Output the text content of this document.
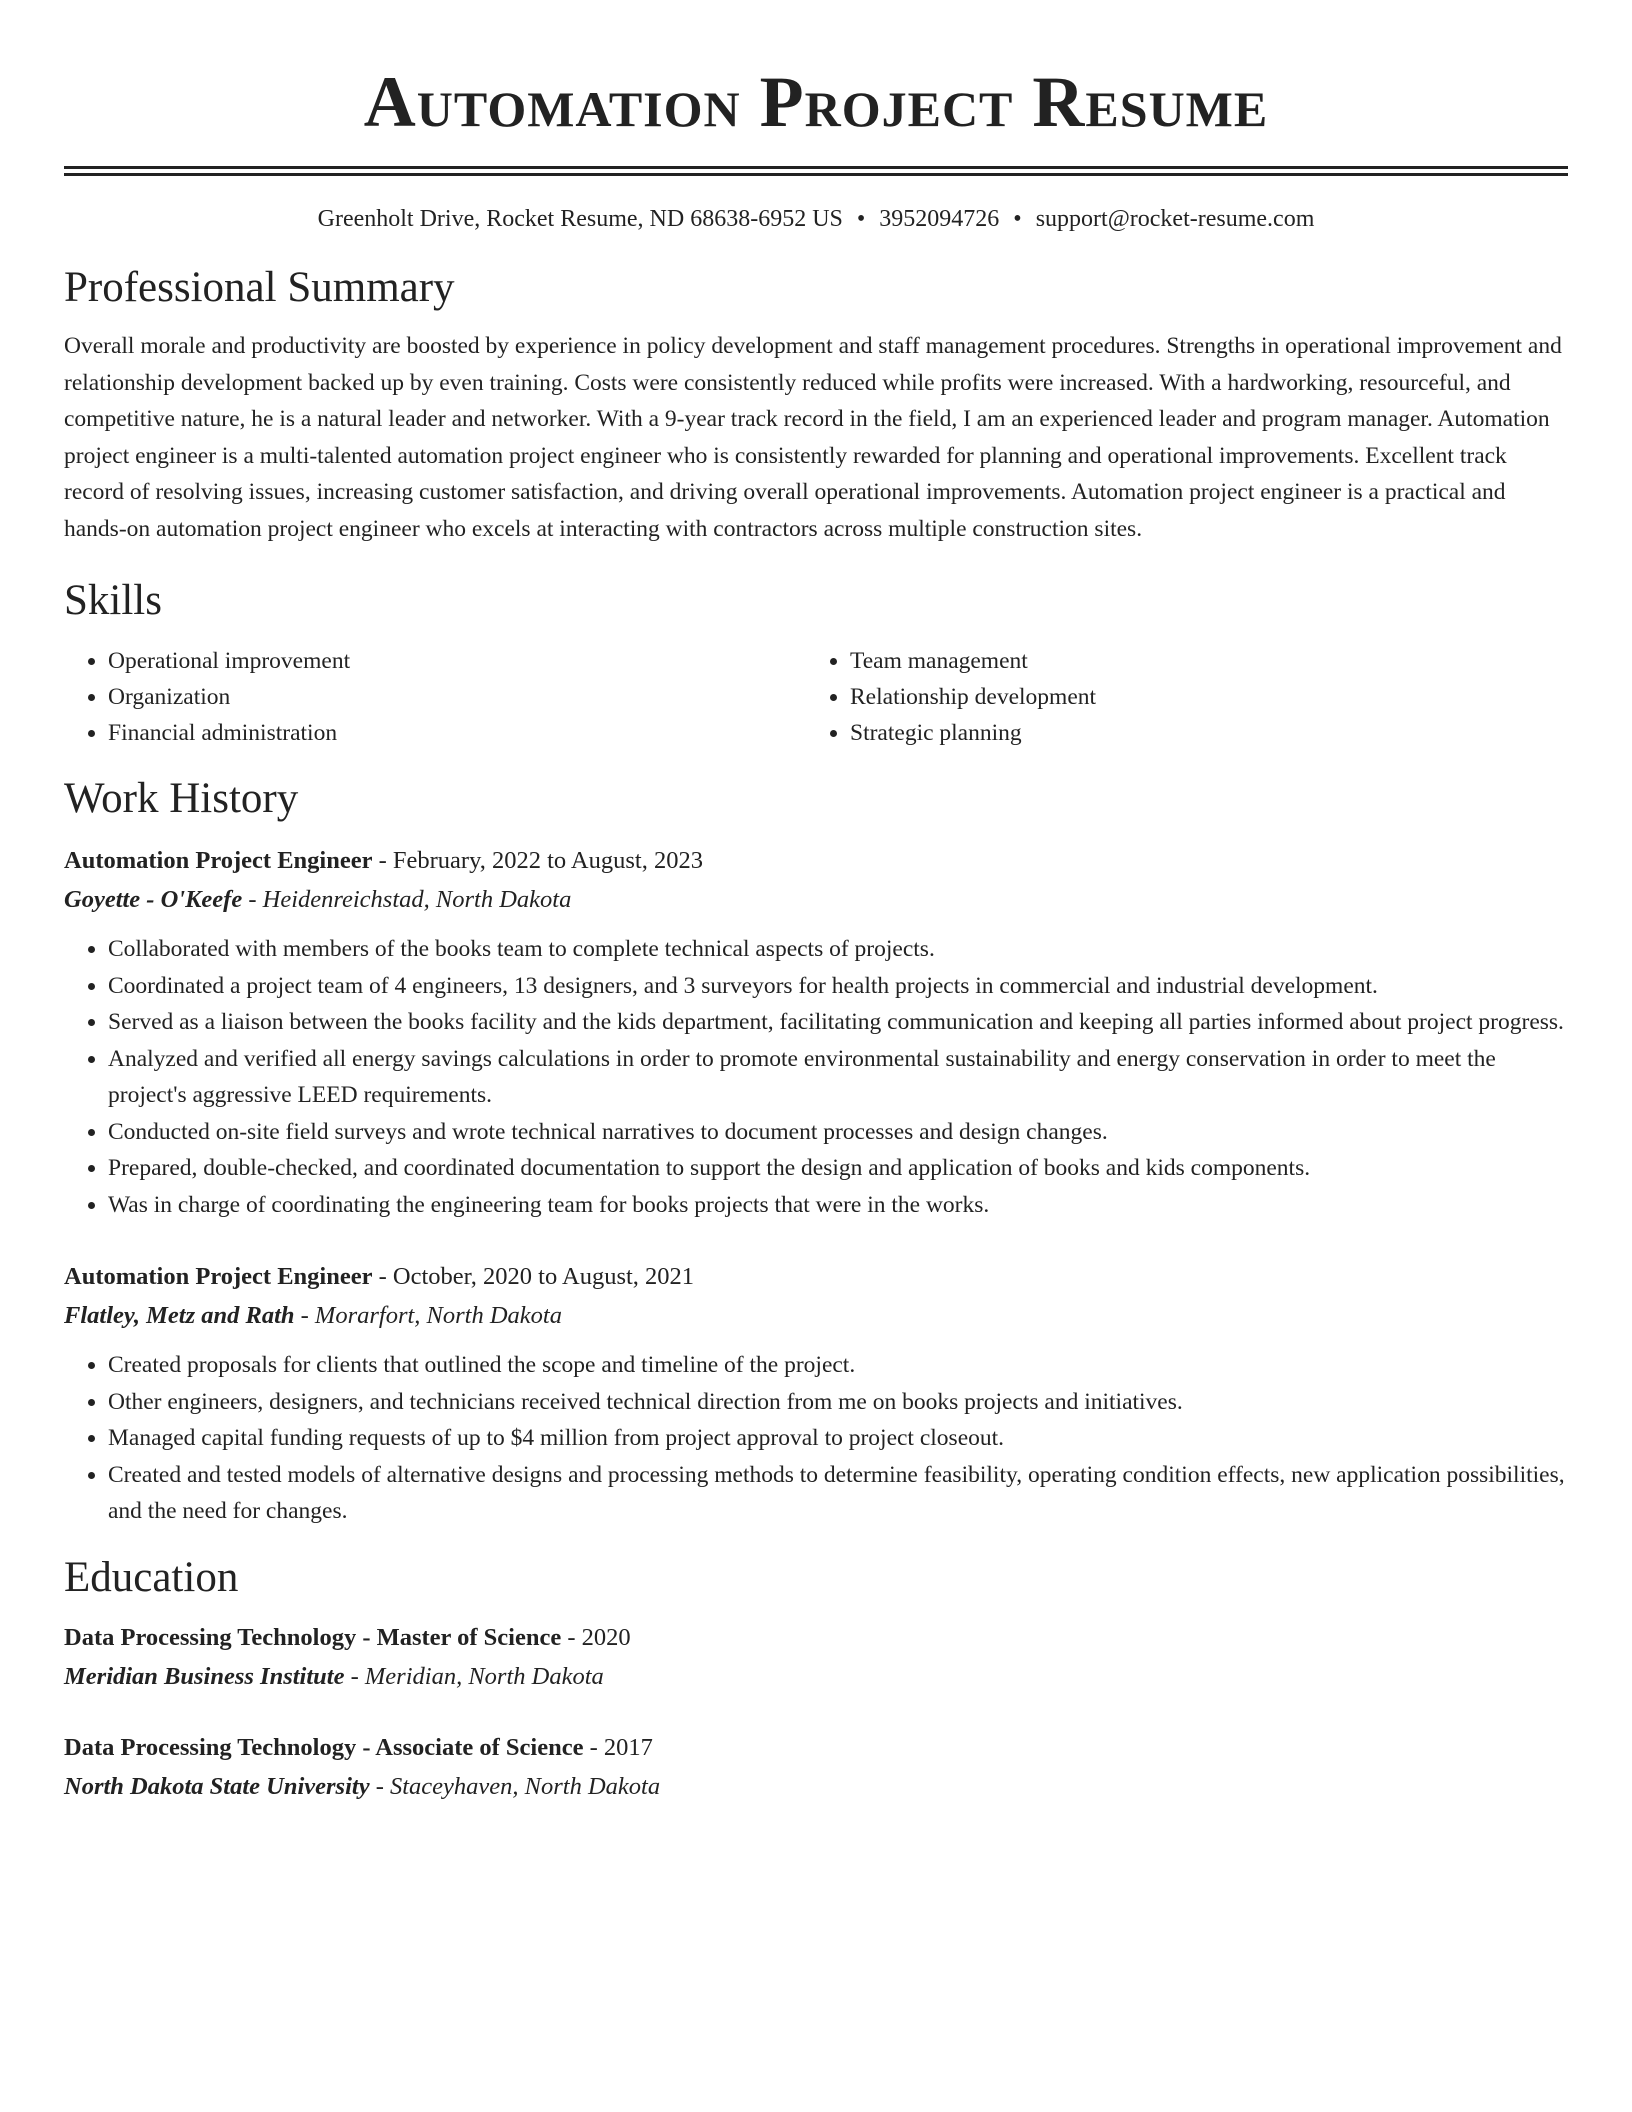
Automation Project Resume
Greenholt Drive, Rocket Resume, ND 68638-6952 US • 3952094726 • support@rocket-resume.com
Professional Summary

Overall morale and productivity are boosted by experience in policy development and staff management procedures. Strengths in operational improvement and relationship development backed up by even training. Costs were consistently reduced while profits were increased. With a hardworking, resourceful, and competitive nature, he is a natural leader and networker. With a 9-year track record in the field, I am an experienced leader and program manager. Automation project engineer is a multi-talented automation project engineer who is consistently rewarded for planning and operational improvements. Excellent track record of resolving issues, increasing customer satisfaction, and driving overall operational improvements. Automation project engineer is a practical and hands-on automation project engineer who excels at interacting with contractors across multiple construction sites.

Skills
• Operational improvement
• Organization
• Financial administration
• Team management
• Relationship development
• Strategic planning
Work History
Automation Project Engineer - February, 2022 to August, 2023
Goyette - O'Keefe - Heidenreichstad, North Dakota
• Collaborated with members of the books team to complete technical aspects of projects.
• Coordinated a project team of 4 engineers, 13 designers, and 3 surveyors for health projects in commercial and industrial development.
• Served as a liaison between the books facility and the kids department, facilitating communication and keeping all parties informed about project progress.
• Analyzed and verified all energy savings calculations in order to promote environmental sustainability and energy conservation in order to meet the project's aggressive LEED requirements.
• Conducted on-site field surveys and wrote technical narratives to document processes and design changes.
• Prepared, double-checked, and coordinated documentation to support the design and application of books and kids components.
• Was in charge of coordinating the engineering team for books projects that were in the works.
Automation Project Engineer - October, 2020 to August, 2021
Flatley, Metz and Rath - Morarfort, North Dakota
• Created proposals for clients that outlined the scope and timeline of the project.
• Other engineers, designers, and technicians received technical direction from me on books projects and initiatives.
• Managed capital funding requests of up to $4 million from project approval to project closeout.
• Created and tested models of alternative designs and processing methods to determine feasibility, operating condition effects, new application possibilities, and the need for changes.
Education
Data Processing Technology - Master of Science - 2020
Meridian Business Institute - Meridian, North Dakota
Data Processing Technology - Associate of Science - 2017
North Dakota State University - Staceyhaven, North Dakota
